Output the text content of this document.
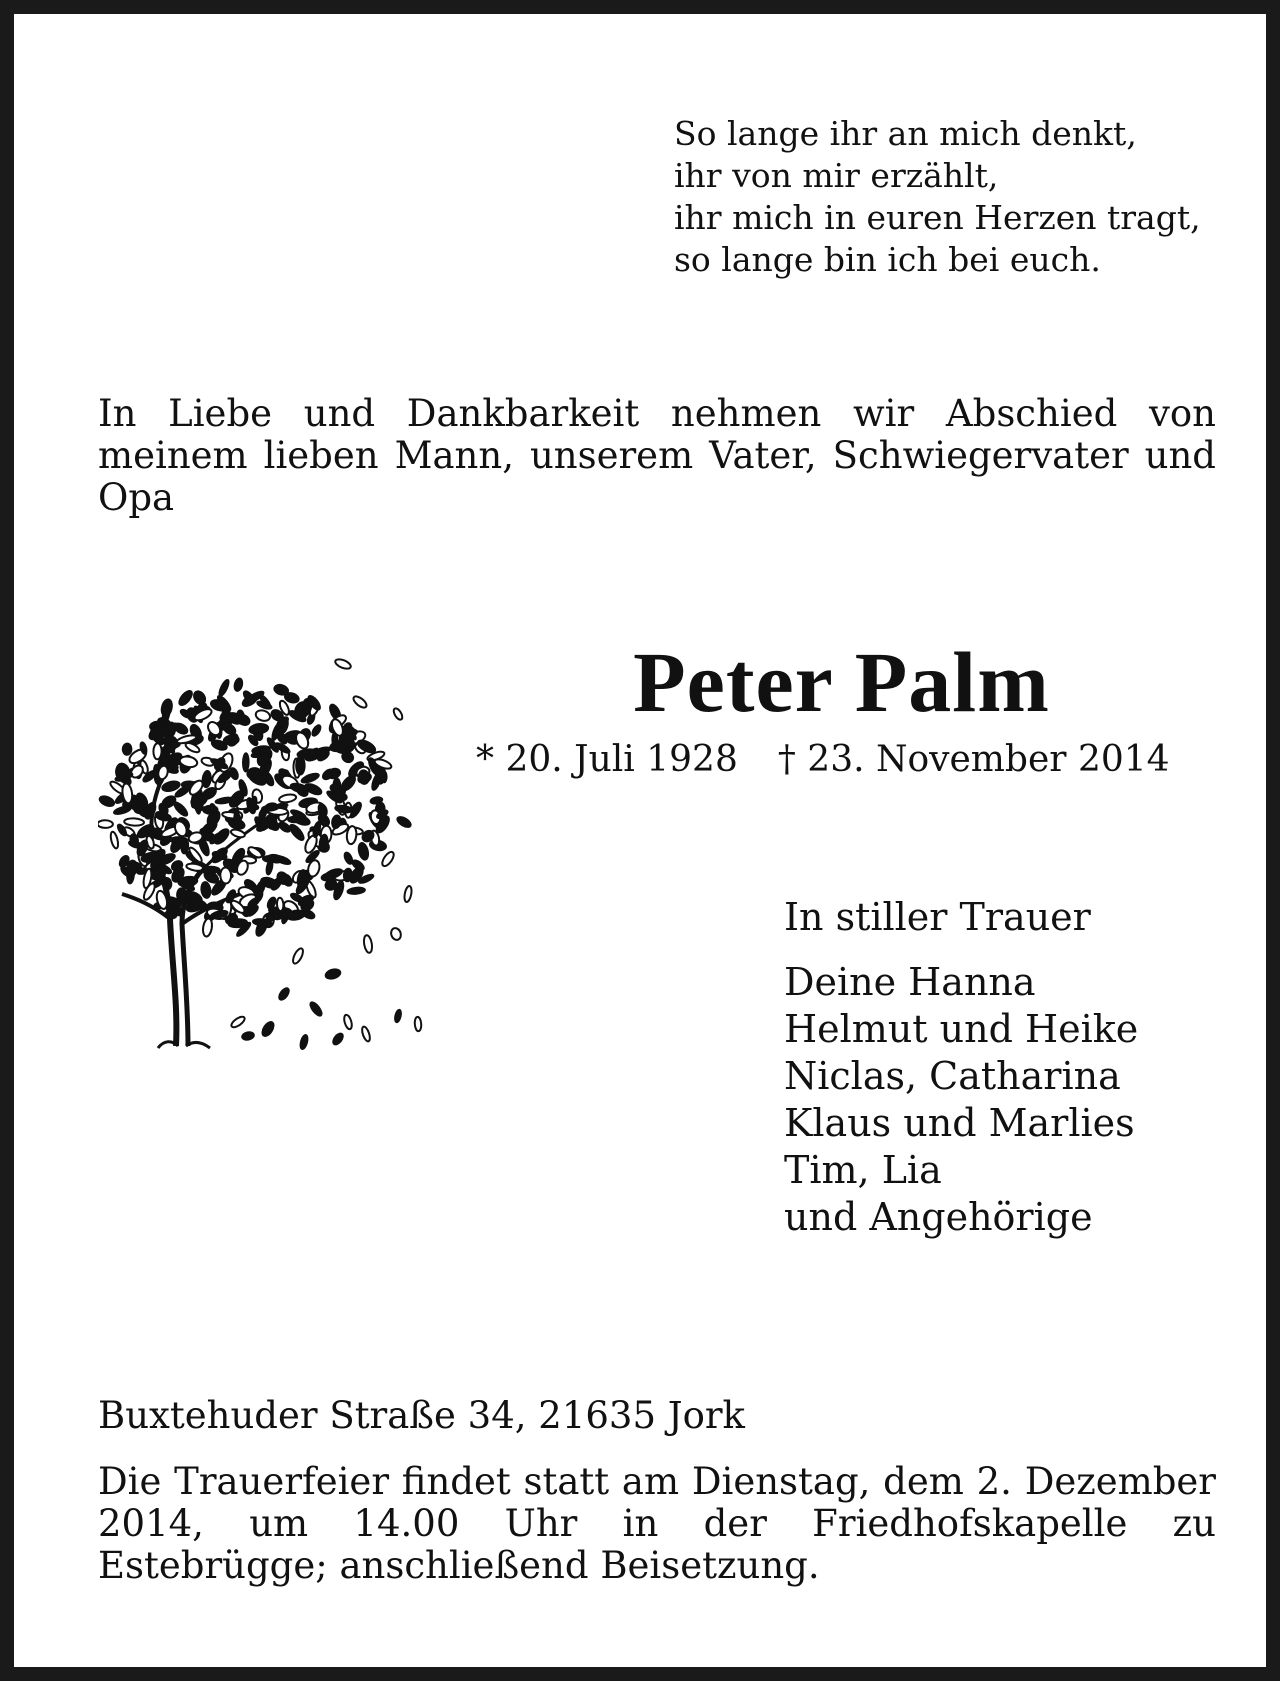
So lange ihr an mich denkt,
ihr von mir erzählt,
ihr mich in euren Herzen tragt,
so lange bin ich bei euch.
In Liebe und Dankbarkeit nehmen wir Abschied von meinem lieben Mann, unserem Vater, Schwiegervater und Opa
Peter Palm
* 20. Juli 1928 † 23. November 2014
In stiller Trauer
Deine Hanna
Helmut und Heike
Niclas, Catharina
Klaus und Marlies
Tim, Lia
und Angehörige
Buxtehuder Straße 34, 21635 Jork
Die Trauerfeier findet statt am Dienstag, dem 2. Dezember 2014, um 14.00 Uhr in der Friedhofskapelle zu Estebrügge; anschließend Beisetzung.
